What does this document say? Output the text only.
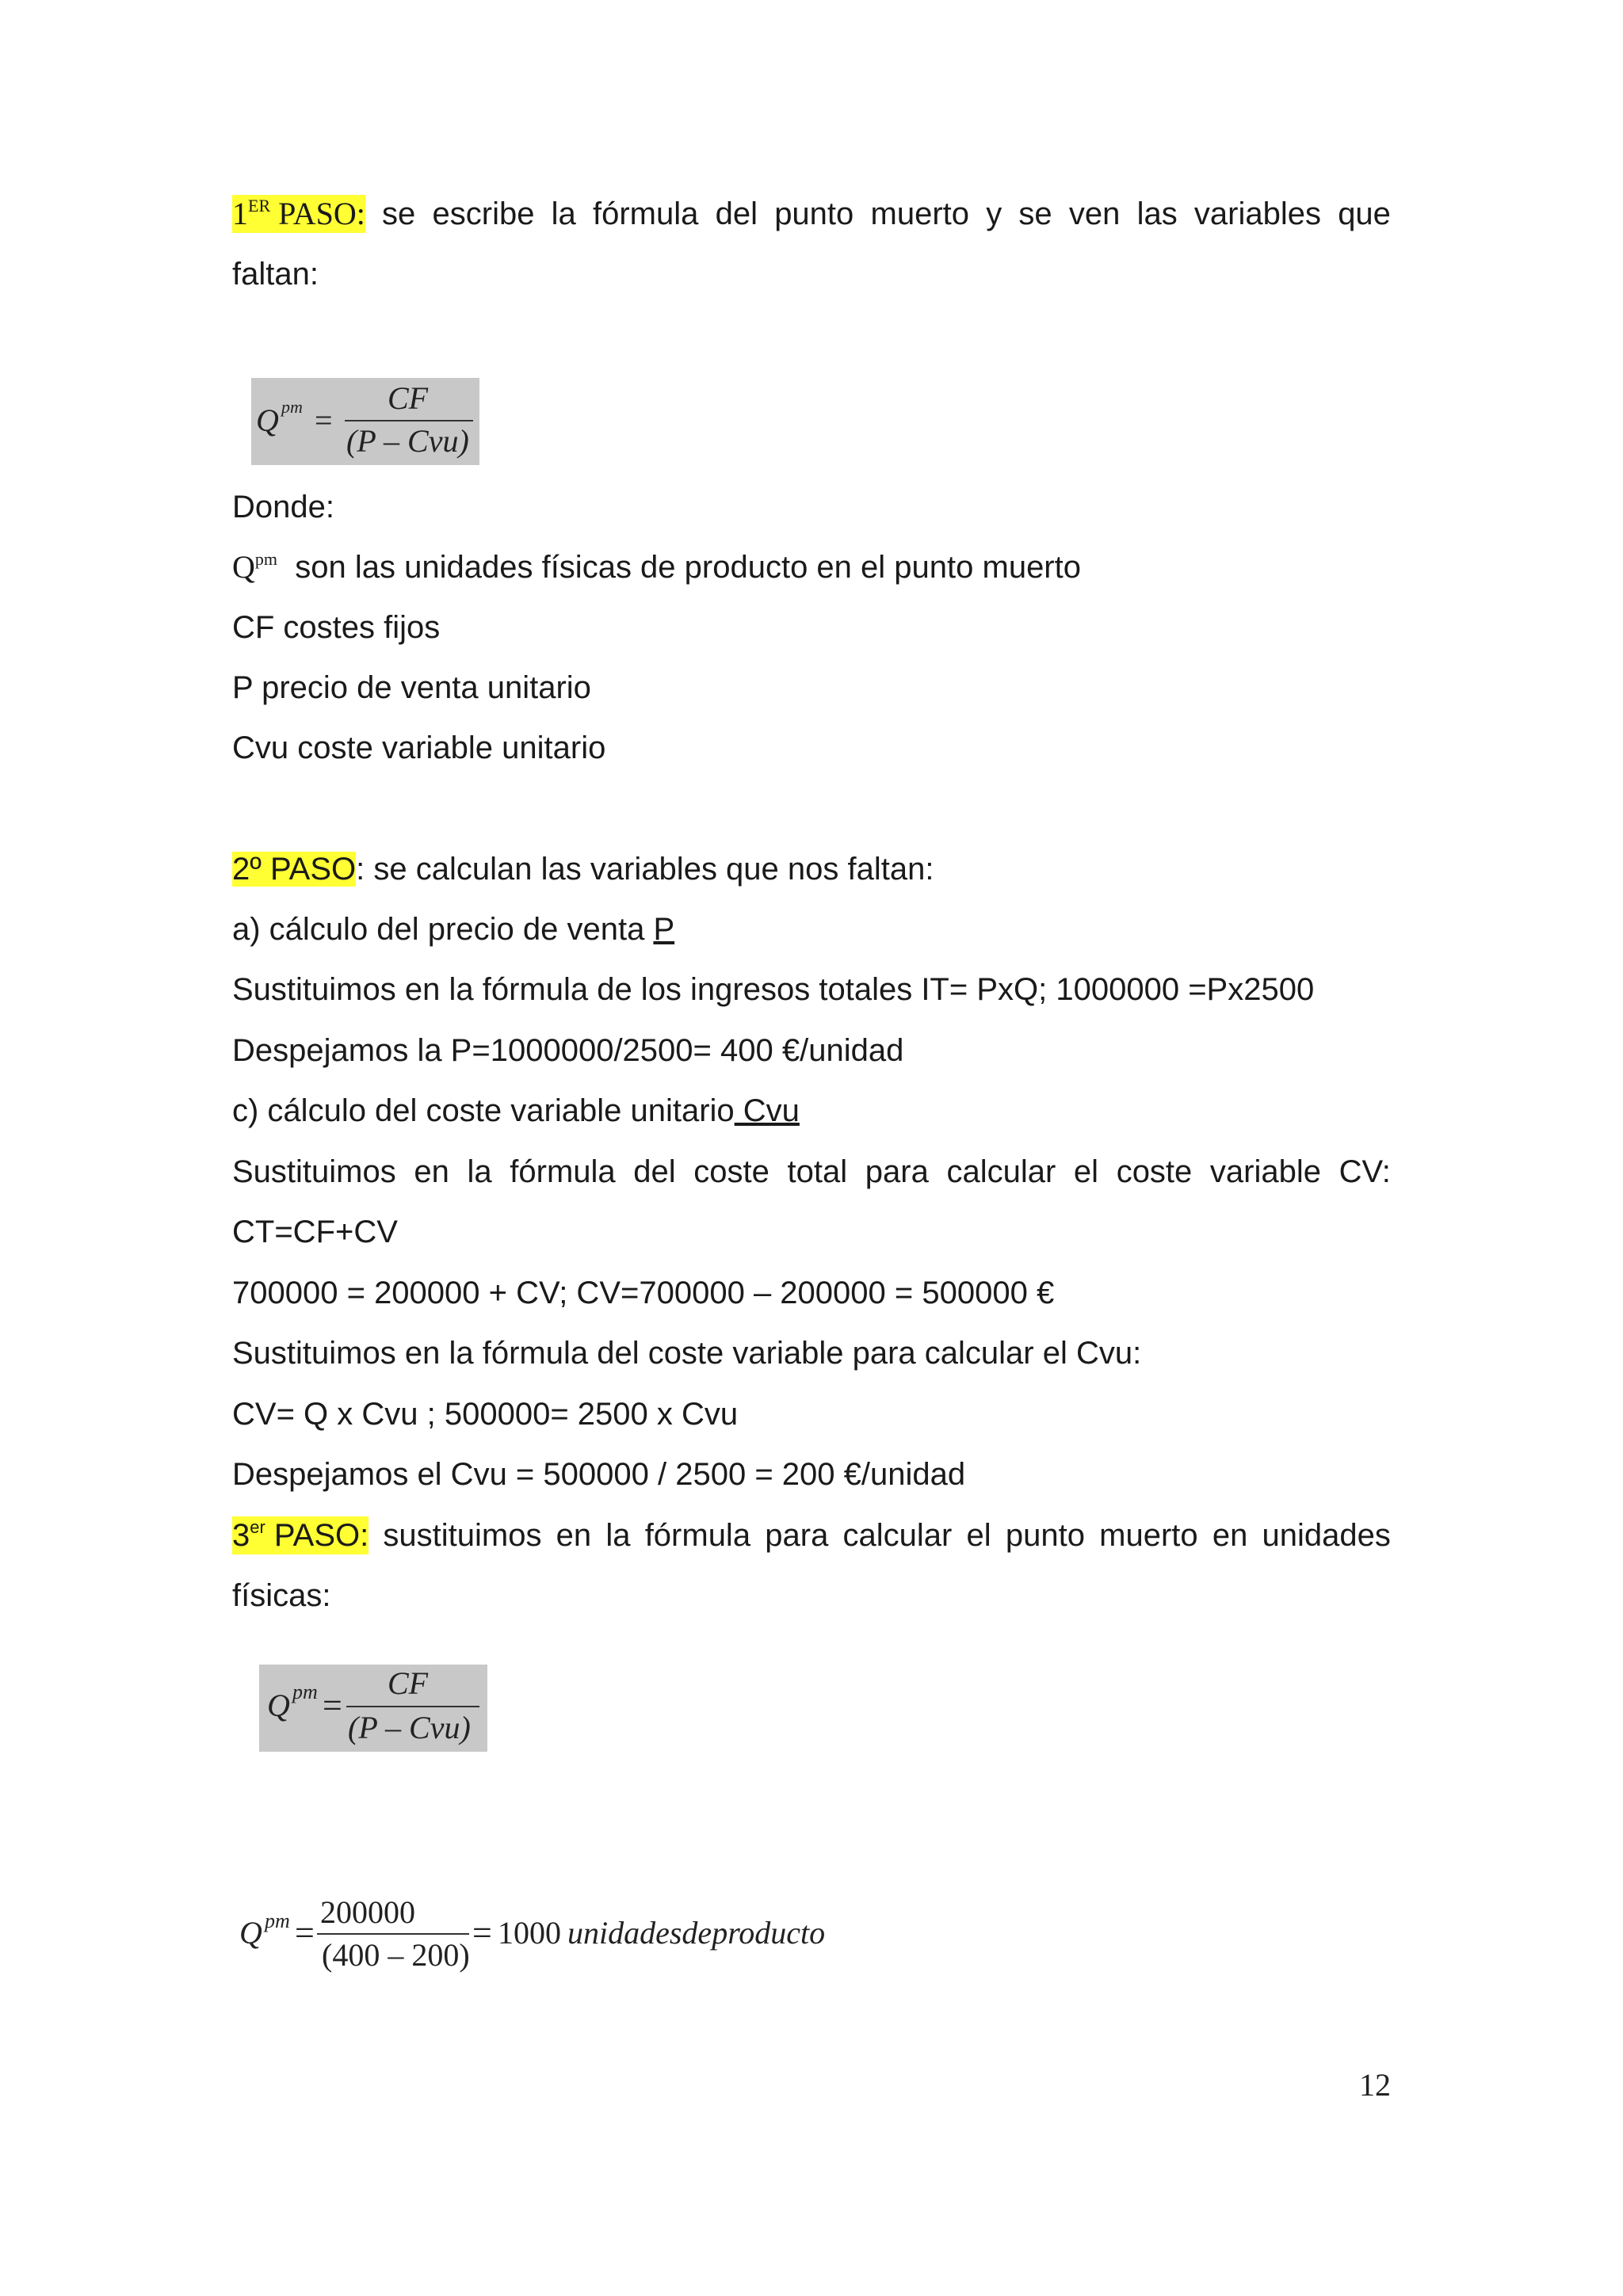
1ER PASO: se escribe la fórmula del punto muerto y se ven las variables que
faltan:
Q pm =
CF
(P – Cvu)
Donde:
$Q^{pm}$ son las unidades físicas de producto en el punto muerto
CF costes fijos
P precio de venta unitario
Cvu coste variable unitario
2º PASO: se calculan las variables que nos faltan:
a) cálculo del precio de venta P
Sustituimos en la fórmula de los ingresos totales IT= PxQ; 1000000 =Px2500
Despejamos la P=1000000/2500= 400 €/unidad
c) cálculo del coste variable unitario Cvu
Sustituimos en la fórmula del coste total para calcular el coste variable CV:
CT=CF+CV
700000 = 200000 + CV; CV=700000 – 200000 = 500000 €
Sustituimos en la fórmula del coste variable para calcular el Cvu:
CV= Q x Cvu ; 500000= 2500 x Cvu
Despejamos el Cvu = 500000 / 2500 = 200 €/unidad
3er PASO: sustituimos en la fórmula para calcular el punto muerto en unidades
físicas:
Q pm =
CF
(P – Cvu)
Q pm =
200000
(400 – 200)
= 1000 unidadesdeproducto
12
